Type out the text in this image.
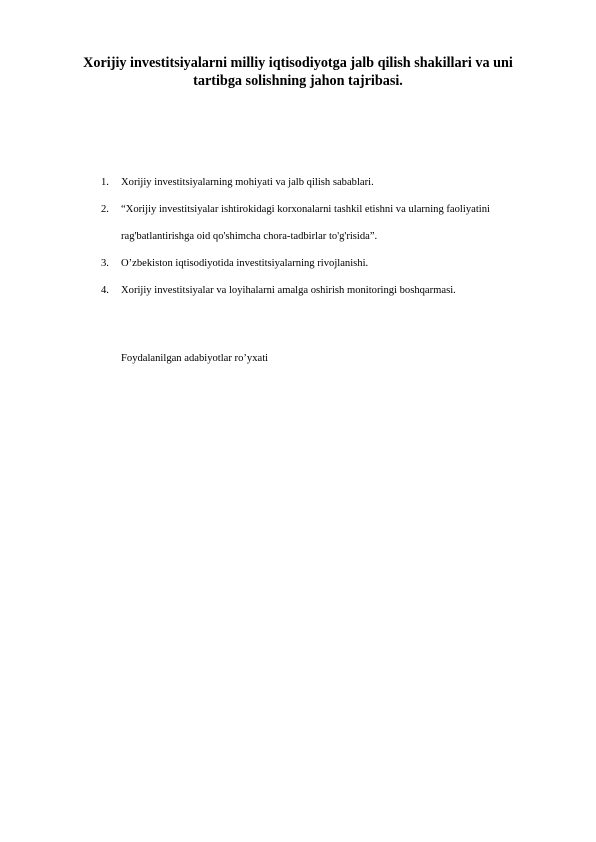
Xorijiy investitsiyalarni milliy iqtisodiyotga jalb qilish shakillari va uni
tartibga solishning jahon tajribasi.
1. Xorijiy investitsiyalarning mohiyati va jalb qilish sabablari.
2. “Xorijiy investitsiyalar ishtirokidagi korxonalarni tashkil etishni va ularning faoliyatini
rag'batlantirishga oid qo'shimcha chora-tadbirlar to'g'risida”.
3. O’zbekiston iqtisodiyotida investitsiyalarning rivojlanishi.
4. Xorijiy investitsiyalar va loyihalarni amalga oshirish monitoringi boshqarmasi.
Foydalanilgan adabiyotlar ro’yxati
